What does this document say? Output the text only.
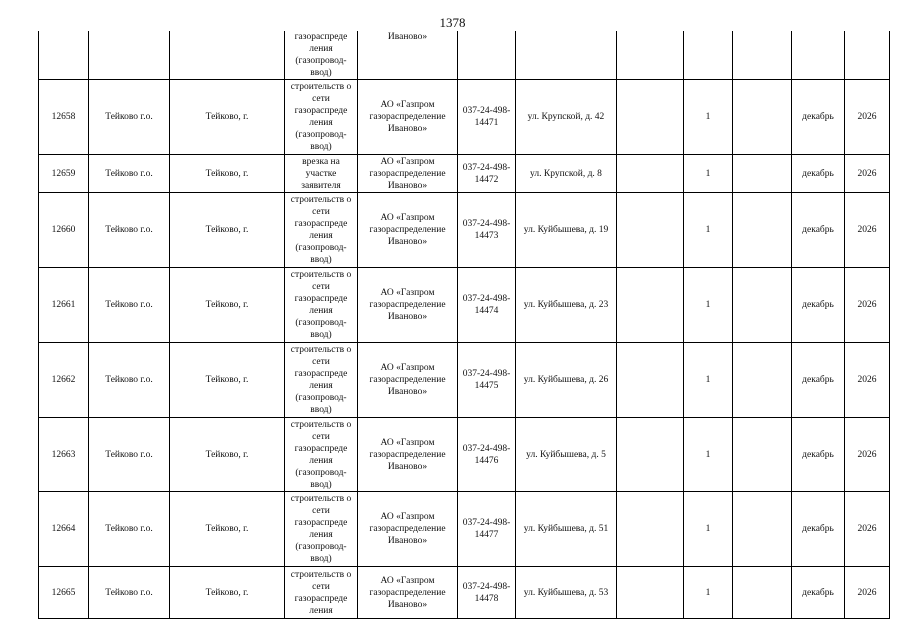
1378
			газораспреде ления (газопровод-ввод)	Иваново»							
12658	Тейково г.о.	Тейково, г.	строительств о сети газораспреде ления (газопровод-ввод)	АО «Газпром газораспределение Иваново»	037-24-498-14471	ул. Крупской, д. 42		1		декабрь	2026
12659	Тейково г.о.	Тейково, г.	врезка на участке заявителя	АО «Газпром газораспределение Иваново»	037-24-498-14472	ул. Крупской, д. 8		1		декабрь	2026
12660	Тейково г.о.	Тейково, г.	строительств о сети газораспреде ления (газопровод-ввод)	АО «Газпром газораспределение Иваново»	037-24-498-14473	ул. Куйбышева, д. 19		1		декабрь	2026
12661	Тейково г.о.	Тейково, г.	строительств о сети газораспреде ления (газопровод-ввод)	АО «Газпром газораспределение Иваново»	037-24-498-14474	ул. Куйбышева, д. 23		1		декабрь	2026
12662	Тейково г.о.	Тейково, г.	строительств о сети газораспреде ления (газопровод-ввод)	АО «Газпром газораспределение Иваново»	037-24-498-14475	ул. Куйбышева, д. 26		1		декабрь	2026
12663	Тейково г.о.	Тейково, г.	строительств о сети газораспреде ления (газопровод-ввод)	АО «Газпром газораспределение Иваново»	037-24-498-14476	ул. Куйбышева, д. 5		1		декабрь	2026
12664	Тейково г.о.	Тейково, г.	строительств о сети газораспреде ления (газопровод-ввод)	АО «Газпром газораспределение Иваново»	037-24-498-14477	ул. Куйбышева, д. 51		1		декабрь	2026
12665	Тейково г.о.	Тейково, г.	строительств о сети газораспреде ления	АО «Газпром газораспределение Иваново»	037-24-498-14478	ул. Куйбышева, д. 53		1		декабрь	2026
